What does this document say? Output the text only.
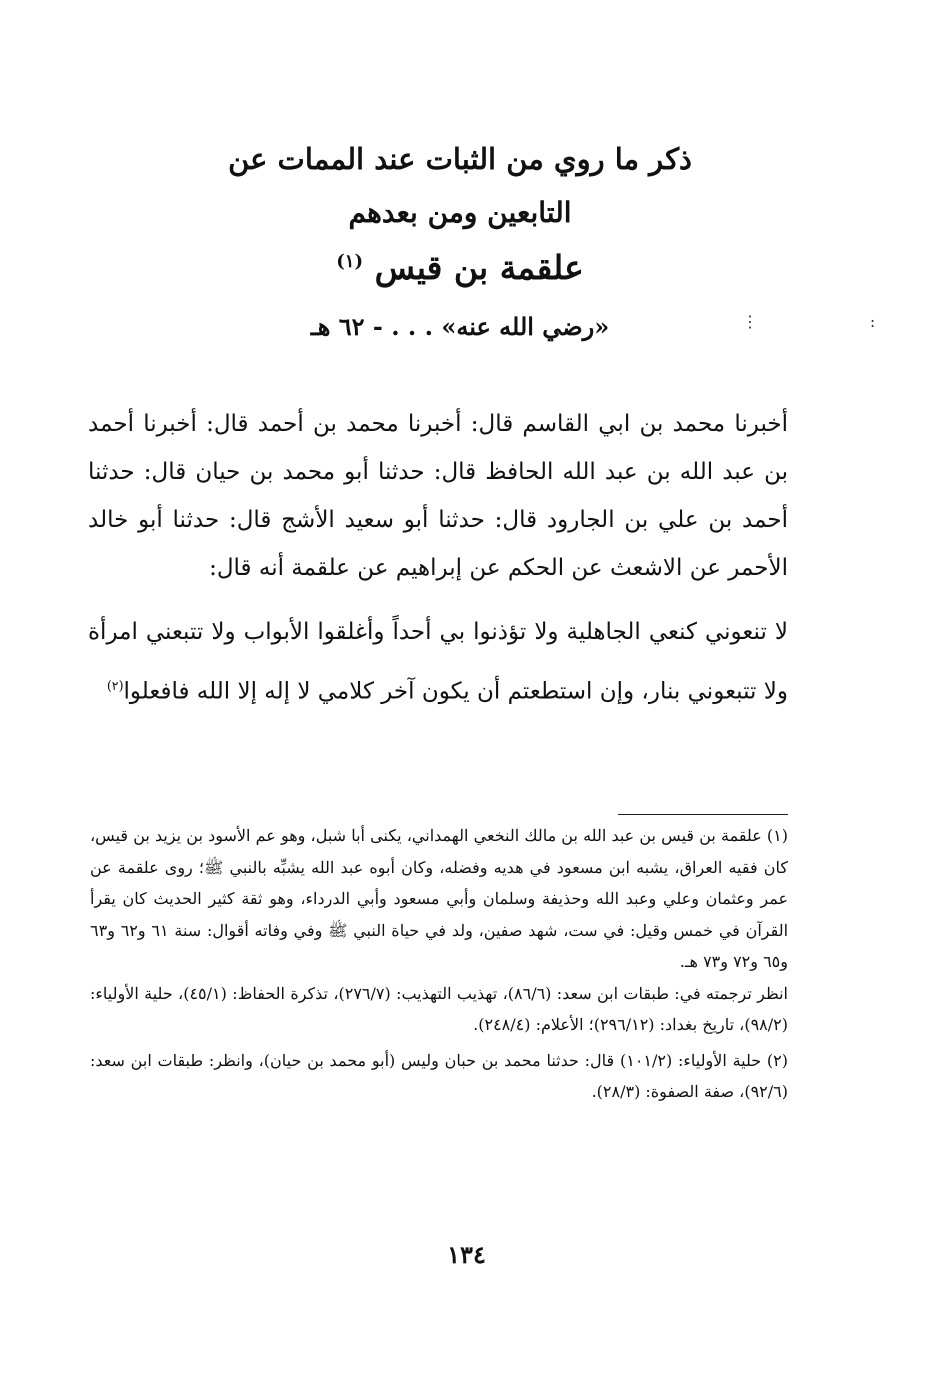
ذكر ما روي من الثبات عند الممات عن
التابعين ومن بعدهم
علقمة بن قيس $^{(١)}$
«رضي الله عنه» . . . - ٦٢ هـ	⋮                      :
أخبرنا محمد بن ابي القاسم قال: أخبرنا محمد بن أحمد قال: أخبرنا أحمد بن عبد الله بن عبد الله الحافظ قال: حدثنا أبو محمد بن حيان قال: حدثنا أحمد بن علي بن الجارود قال: حدثنا أبو سعيد الأشج قال: حدثنا أبو خالد الأحمر عن الاشعث عن الحكم عن إبراهيم عن علقمة أنه قال:
لا تنعوني كنعي الجاهلية ولا تؤذنوا بي أحداً وأغلقوا الأبواب ولا تتبعني امرأة ولا تتبعوني بنار، وإن استطعتم أن يكون آخر كلامي لا إله إلا الله فافعلوا$^{(٢)}$

(١) علقمة بن قيس بن عبد الله بن مالك النخعي الهمداني، يكنى أبا شبل، وهو عم الأسود بن يزيد بن قيس، كان فقيه العراق، يشبه ابن مسعود في هديه وفضله، وكان أبوه عبد الله يشبِّه بالنبي ﷺ؛ روى علقمة عن عمر وعثمان وعلي وعبد الله وحذيفة وسلمان وأبي مسعود وأبي الدرداء، وهو ثقة كثير الحديث كان يقرأ القرآن في خمس وقيل: في ست، شهد صفين، ولد في حياة النبي ﷺ وفي وفاته أقوال: سنة ٦١ و٦٢ و٦٣ و٦٥ و٧٢ و٧٣ هـ.

انظر ترجمته في: طبقات ابن سعد: (٨٦/٦)، تهذيب التهذيب: (٢٧٦/٧)، تذكرة الحفاظ: (٤٥/١)، حلية الأولياء: (٩٨/٢)، تاريخ بغداد: (٢٩٦/١٢)؛ الأعلام: (٢٤٨/٤).

(٢) حلية الأولياء: (١٠١/٢) قال: حدثنا محمد بن حبان وليس (أبو محمد بن حيان)، وانظر: طبقات ابن سعد: (٩٢/٦)، صفة الصفوة: (٢٨/٣).

١٣٤
